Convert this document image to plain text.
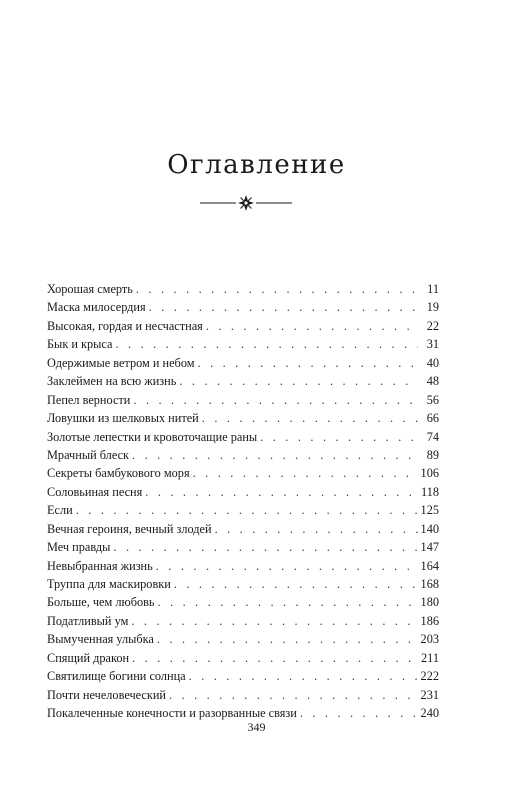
Оглавление
Хорошая смерть . . .	11
Маска милосердия . . .	19
Высокая, гордая и несчастная . . .	22
Бык и крыса . . .	31
Одержимые ветром и небом . . .	40
Заклеймен на всю жизнь . . .	48
Пепел верности . . .	56
Ловушки из шелковых нитей . . .	66
Золотые лепестки и кровоточащие раны . . .	74
Мрачный блеск . . .	89
Секреты бамбукового моря . . .	106
Соловьиная песня . . .	118
Если . . .	125
Вечная героиня, вечный злодей . . .	140
Меч правды . . .	147
Невыбранная жизнь . . .	164
Труппа для маскировки . . .	168
Больше, чем любовь . . .	180
Податливый ум . . .	186
Вымученная улыбка . . .	203
Спящий дракон . . .	211
Святилище богини солнца . . .	222
Почти нечеловеческий . . .	231
Покалеченные конечности и разорванные связи . . .	240
349
